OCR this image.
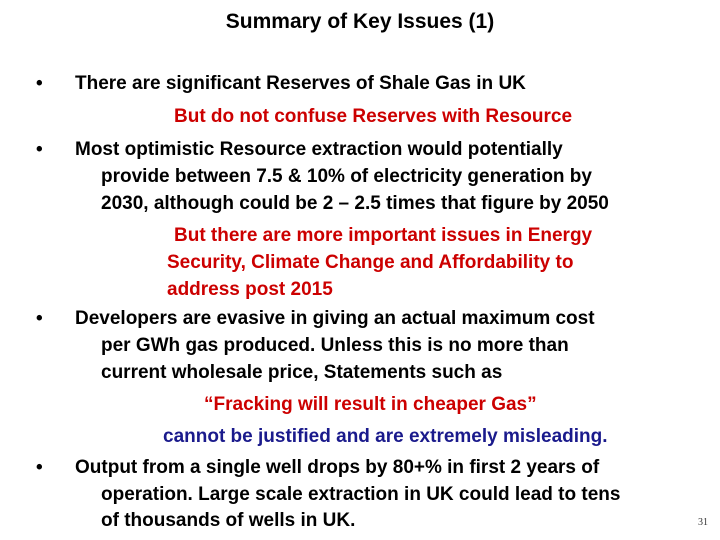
Summary of Key Issues (1)
• There are significant Reserves of Shale Gas in UK
But do not confuse Reserves with Resource
• Most optimistic Resource extraction would potentially
provide between 7.5 & 10% of electricity generation by
2030, although could be 2 – 2.5 times that figure by 2050
But there are more important issues in Energy
Security, Climate Change and Affordability to
address post 2015
• Developers are evasive in giving an actual maximum cost
per GWh gas produced. Unless this is no more than
current wholesale price, Statements such as
“Fracking will result in cheaper Gas”
cannot be justified and are extremely misleading.
• Output from a single well drops by 80+% in first 2 years of
operation. Large scale extraction in UK could lead to tens
of thousands of wells in UK.	31
